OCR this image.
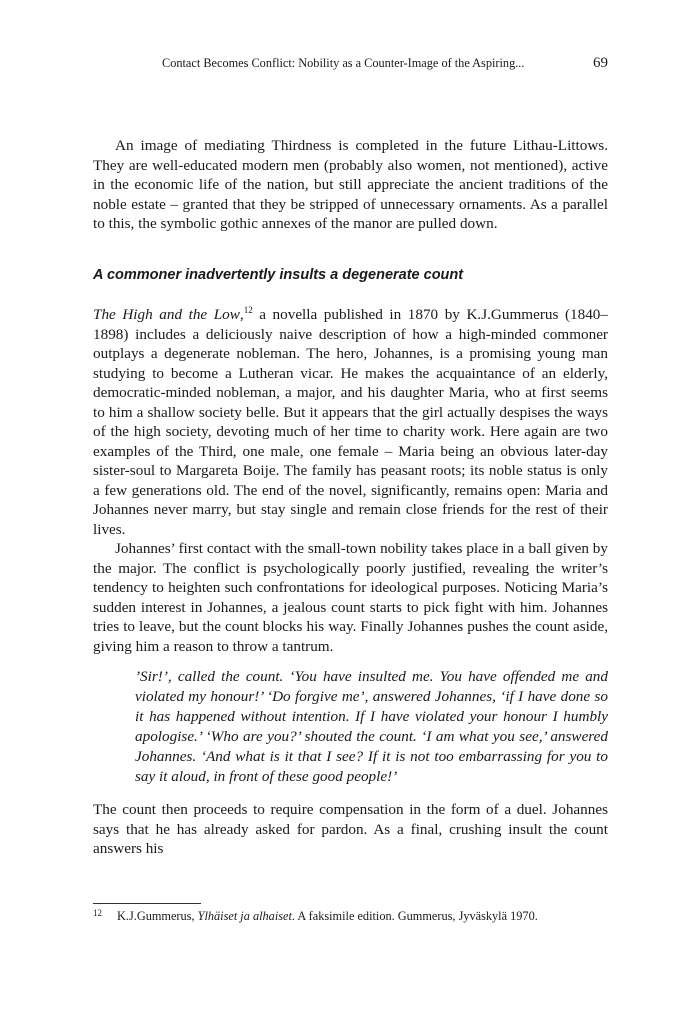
Contact Becomes Conflict: Nobility as a Counter-Image of the Aspiring...	69

An image of mediating Thirdness is completed in the future Lithau-Littows. They are well-educated modern men (probably also women, not mentioned), active in the economic life of the nation, but still appreciate the ancient traditions of the noble estate – granted that they be stripped of unnecessary ornaments. As a parallel to this, the symbolic gothic annexes of the manor are pulled down.

A commoner inadvertently insults a degenerate count

The High and the Low,$^{12}$ a novella published in 1870 by K.J.Gummerus (1840–1898) includes a deliciously naive description of how a high-minded commoner outplays a degenerate nobleman. The hero, Johannes, is a promising young man studying to become a Lutheran vicar. He makes the acquaintance of an elderly, democratic-minded nobleman, a major, and his daughter Maria, who at first seems to him a shallow society belle. But it appears that the girl actually despises the ways of the high society, devoting much of her time to charity work. Here again are two examples of the Third, one male, one female – Maria being an obvious later-day sister-soul to Margareta Boije. The family has peasant roots; its noble status is only a few generations old. The end of the novel, significantly, remains open: Maria and Johannes never marry, but stay single and remain close friends for the rest of their lives.
Johannes’ first contact with the small-town nobility takes place in a ball given by the major. The conflict is psychologically poorly justified, revealing the writer’s tendency to heighten such confrontations for ideological purposes. Noticing Maria’s sudden interest in Johannes, a jealous count starts to pick fight with him. Johannes tries to leave, but the count blocks his way. Finally Johannes pushes the count aside, giving him a reason to throw a tantrum.

’Sir!’, called the count. ‘You have insulted me. You have offended me and violated my honour!’ ‘Do forgive me’, answered Johannes, ‘if I have done so it has happened without intention. If I have violated your honour I humbly apologise.’ ‘Who are you?’ shouted the count. ‘I am what you see,’ answered Johannes. ‘And what is it that I see? If it is not too embarrassing for you to say it aloud, in front of these good people!’

The count then proceeds to require compensation in the form of a duel. Johannes says that he has already asked for pardon. As a final, crushing insult the count answers his

12 K.J.Gummerus, Ylhäiset ja alhaiset. A faksimile edition. Gummerus, Jyväskylä 1970.
